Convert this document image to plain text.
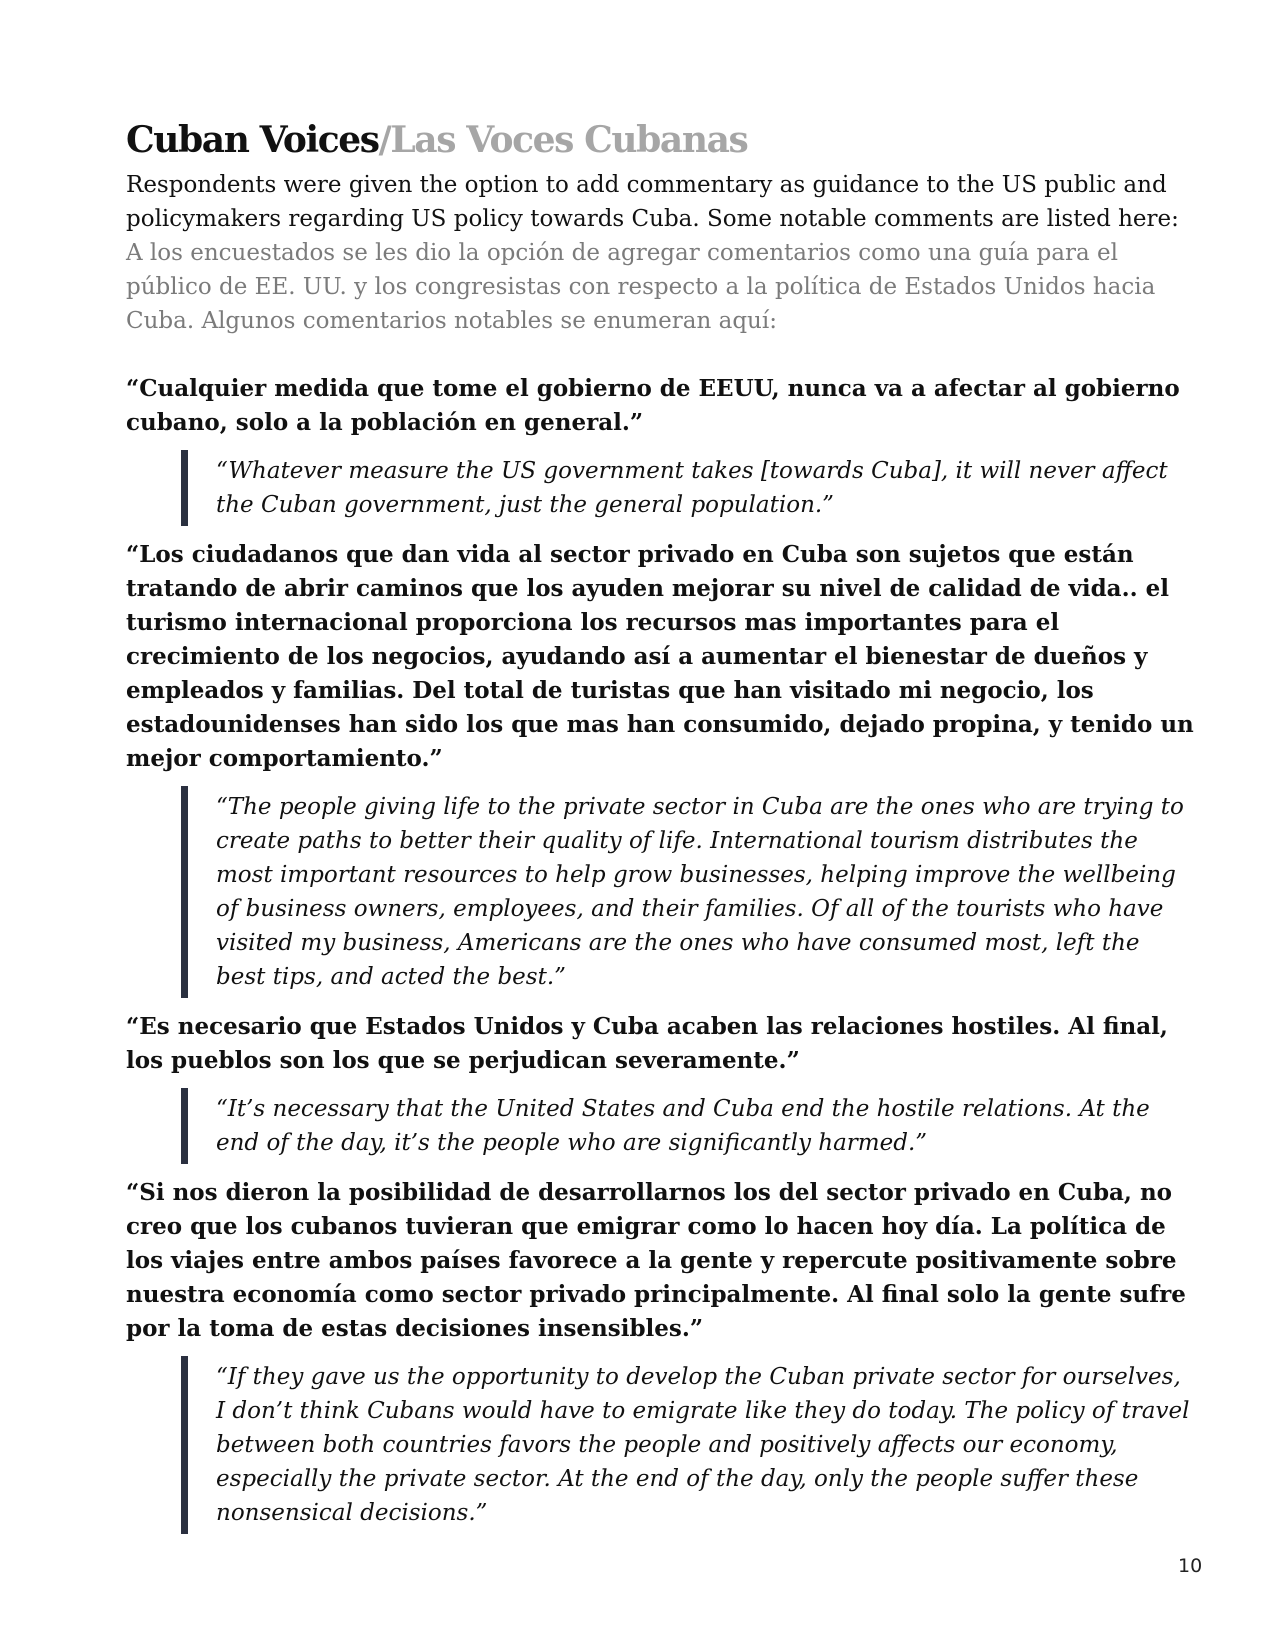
Cuban Voices/Las Voces Cubanas

Respondents were given the option to add commentary as guidance to the US public and policymakers regarding US policy towards Cuba. Some notable comments are listed here:

A los encuestados se les dio la opción de agregar comentarios como una guía para el público de EE. UU. y los congresistas con respecto a la política de Estados Unidos hacia Cuba. Algunos comentarios notables se enumeran aquí:

“Cualquier medida que tome el gobierno de EEUU, nunca va a afectar al gobierno cubano, solo a la población en general.”

“Whatever measure the US government takes [towards Cuba], it will never affect the Cuban government, just the general population.”

“Los ciudadanos que dan vida al sector privado en Cuba son sujetos que están tratando de abrir caminos que los ayuden mejorar su nivel de calidad de vida.. el turismo internacional proporciona los recursos mas importantes para el crecimiento de los negocios, ayudando así a aumentar el bienestar de dueños y empleados y familias. Del total de turistas que han visitado mi negocio, los estadounidenses han sido los que mas han consumido, dejado propina, y tenido un mejor comportamiento.”

“The people giving life to the private sector in Cuba are the ones who are trying to create paths to better their quality of life. International tourism distributes the most important resources to help grow businesses, helping improve the wellbeing of business owners, employees, and their families. Of all of the tourists who have visited my business, Americans are the ones who have consumed most, left the best tips, and acted the best.”

“Es necesario que Estados Unidos y Cuba acaben las relaciones hostiles. Al final, los pueblos son los que se perjudican severamente.”

“It’s necessary that the United States and Cuba end the hostile relations. At the end of the day, it’s the people who are significantly harmed.”

“Si nos dieron la posibilidad de desarrollarnos los del sector privado en Cuba, no creo que los cubanos tuvieran que emigrar como lo hacen hoy día. La política de los viajes entre ambos países favorece a la gente y repercute positivamente sobre nuestra economía como sector privado principalmente. Al final solo la gente sufre por la toma de estas decisiones insensibles.”

“If they gave us the opportunity to develop the Cuban private sector for ourselves, I don’t think Cubans would have to emigrate like they do today. The policy of travel between both countries favors the people and positively affects our economy, especially the private sector. At the end of the day, only the people suffer these nonsensical decisions.”
10
